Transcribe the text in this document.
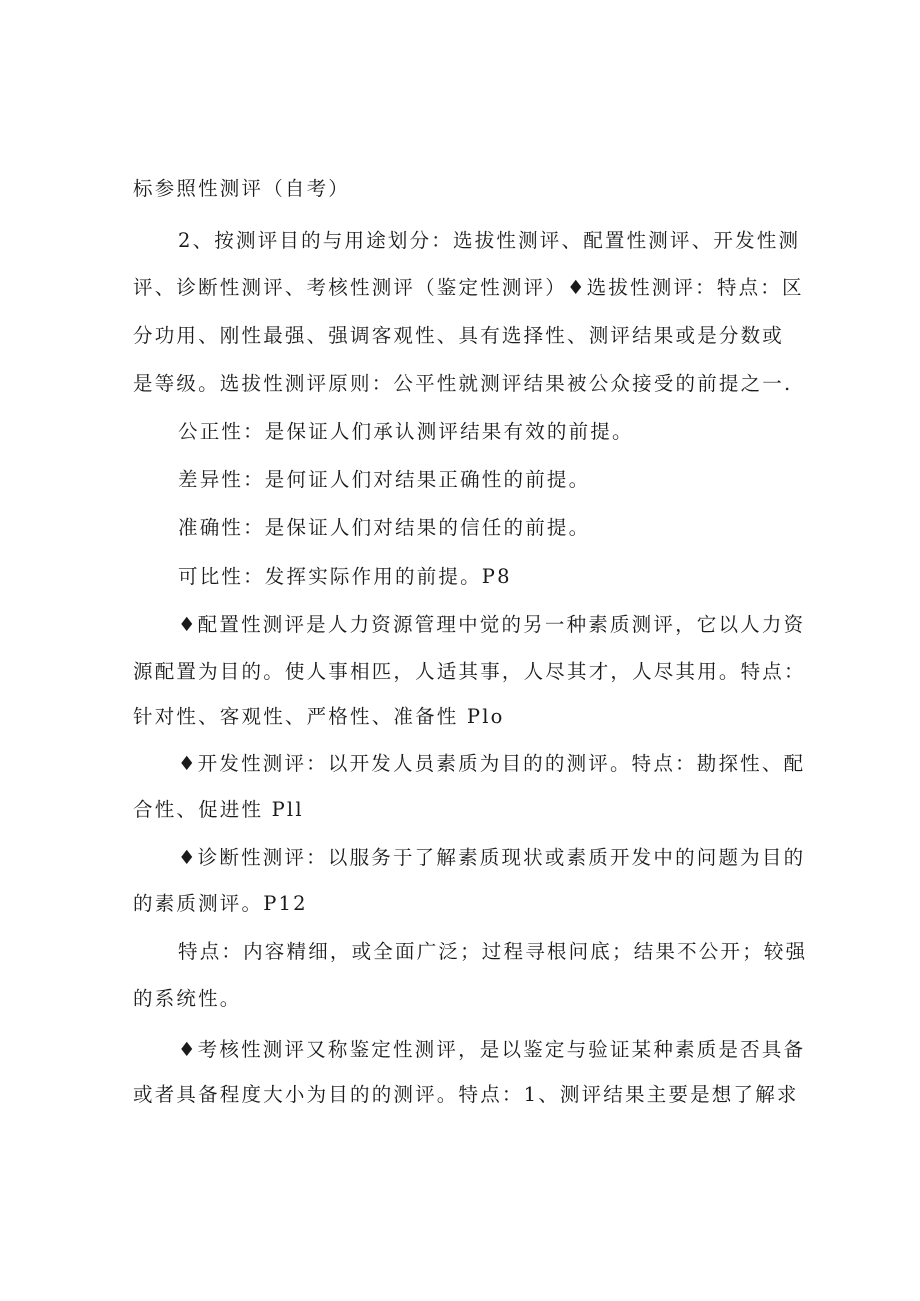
标参照性测评（自考）
2、按测评目的与用途划分：选拔性测评、配置性测评、开发性测
评、诊断性测评、考核性测评（鉴定性测评）♦选拔性测评：特点：区
分功用、刚性最强、强调客观性、具有选择性、测评结果或是分数或
是等级。选拔性测评原则：公平性就测评结果被公众接受的前提之一.
公正性：是保证人们承认测评结果有效的前提。
差异性：是何证人们对结果正确性的前提。
准确性：是保证人们对结果的信任的前提。
可比性：发挥实际作用的前提。P8
♦配置性测评是人力资源管理中觉的另一种素质测评，它以人力资
源配置为目的。使人事相匹，人适其事，人尽其才，人尽其用。特点：
针对性、客观性、严格性、准备性 Plo
♦开发性测评：以开发人员素质为目的的测评。特点：勘探性、配
合性、促进性 Pll
♦诊断性测评：以服务于了解素质现状或素质开发中的问题为目的
的素质测评。P12
特点：内容精细，或全面广泛；过程寻根问底；结果不公开；较强
的系统性。
♦考核性测评又称鉴定性测评，是以鉴定与验证某种素质是否具备
或者具备程度大小为目的的测评。特点：1、测评结果主要是想了解求
